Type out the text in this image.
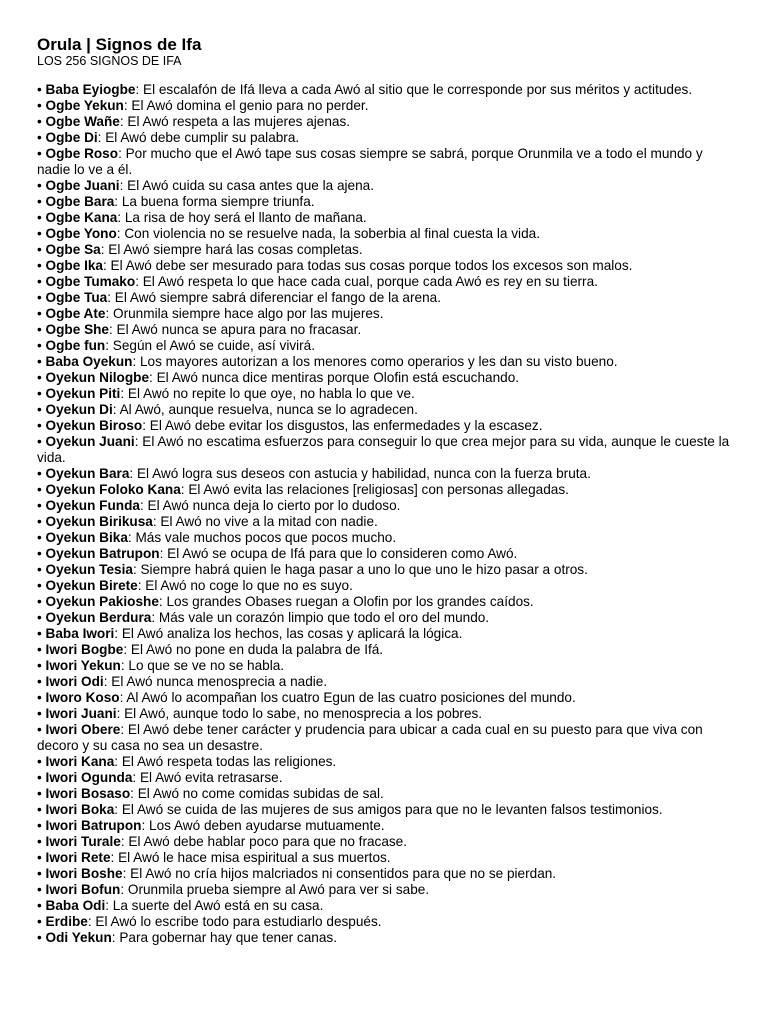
Orula | Signos de Ifa

LOS 256 SIGNOS DE IFA

• Baba Eyiogbe: El escalafón de Ifá lleva a cada Awó al sitio que le corresponde por sus méritos y actitudes.
• Ogbe Yekun: El Awó domina el genio para no perder.
• Ogbe Wañe: El Awó respeta a las mujeres ajenas.
• Ogbe Di: El Awó debe cumplir su palabra.
• Ogbe Roso: Por mucho que el Awó tape sus cosas siempre se sabrá, porque Orunmila ve a todo el mundo y nadie lo ve a él.
• Ogbe Juani: El Awó cuida su casa antes que la ajena.
• Ogbe Bara: La buena forma siempre triunfa.
• Ogbe Kana: La risa de hoy será el llanto de mañana.
• Ogbe Yono: Con violencia no se resuelve nada, la soberbia al final cuesta la vida.
• Ogbe Sa: El Awó siempre hará las cosas completas.
• Ogbe Ika: El Awó debe ser mesurado para todas sus cosas porque todos los excesos son malos.
• Ogbe Tumako: El Awó respeta lo que hace cada cual, porque cada Awó es rey en su tierra.
• Ogbe Tua: El Awó siempre sabrá diferenciar el fango de la arena.
• Ogbe Ate: Orunmila siempre hace algo por las mujeres.
• Ogbe She: El Awó nunca se apura para no fracasar.
• Ogbe fun: Según el Awó se cuide, así vivirá.
• Baba Oyekun: Los mayores autorizan a los menores como operarios y les dan su visto bueno.
• Oyekun Nilogbe: El Awó nunca dice mentiras porque Olofin está escuchando.
• Oyekun Piti: El Awó no repite lo que oye, no habla lo que ve.
• Oyekun Di: Al Awó, aunque resuelva, nunca se lo agradecen.
• Oyekun Biroso: El Awó debe evitar los disgustos, las enfermedades y la escasez.
• Oyekun Juani: El Awó no escatima esfuerzos para conseguir lo que crea mejor para su vida, aunque le cueste la vida.
• Oyekun Bara: El Awó logra sus deseos con astucia y habilidad, nunca con la fuerza bruta.
• Oyekun Foloko Kana: El Awó evita las relaciones [religiosas] con personas allegadas.
• Oyekun Funda: El Awó nunca deja lo cierto por lo dudoso.
• Oyekun Birikusa: El Awó no vive a la mitad con nadie.
• Oyekun Bika: Más vale muchos pocos que pocos mucho.
• Oyekun Batrupon: El Awó se ocupa de Ifá para que lo consideren como Awó.
• Oyekun Tesia: Siempre habrá quien le haga pasar a uno lo que uno le hizo pasar a otros.
• Oyekun Birete: El Awó no coge lo que no es suyo.
• Oyekun Pakioshe: Los grandes Obases ruegan a Olofin por los grandes caídos.
• Oyekun Berdura: Más vale un corazón limpio que todo el oro del mundo.
• Baba Iwori: El Awó analiza los hechos, las cosas y aplicará la lógica.
• Iwori Bogbe: El Awó no pone en duda la palabra de Ifá.
• Iwori Yekun: Lo que se ve no se habla.
• Iwori Odi: El Awó nunca menosprecia a nadie.
• Iworo Koso: Al Awó lo acompañan los cuatro Egun de las cuatro posiciones del mundo.
• Iwori Juani: El Awó, aunque todo lo sabe, no menosprecia a los pobres.
• Iwori Obere: El Awó debe tener carácter y prudencia para ubicar a cada cual en su puesto para que viva con decoro y su casa no sea un desastre.
• Iwori Kana: El Awó respeta todas las religiones.
• Iwori Ogunda: El Awó evita retrasarse.
• Iwori Bosaso: El Awó no come comidas subidas de sal.
• Iwori Boka: El Awó se cuida de las mujeres de sus amigos para que no le levanten falsos testimonios.
• Iwori Batrupon: Los Awó deben ayudarse mutuamente.
• Iwori Turale: El Awó debe hablar poco para que no fracase.
• Iwori Rete: El Awó le hace misa espiritual a sus muertos.
• Iwori Boshe: El Awó no cría hijos malcriados ni consentidos para que no se pierdan.
• Iwori Bofun: Orunmila prueba siempre al Awó para ver si sabe.
• Baba Odi: La suerte del Awó está en su casa.
• Erdibe: El Awó lo escribe todo para estudiarlo después.
• Odi Yekun: Para gobernar hay que tener canas.
